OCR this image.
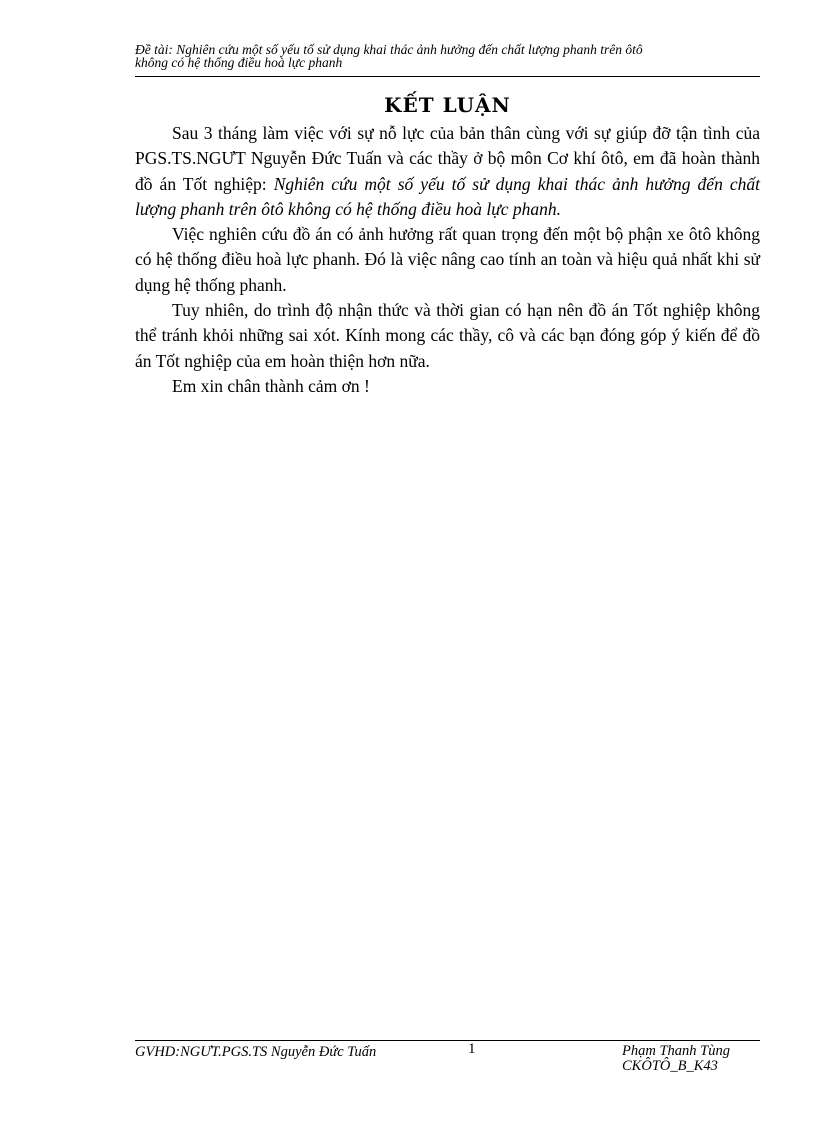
Đề tài: Nghiên cứu một số yếu tố sử dụng khai thác ảnh hưởng đến chất lượng phanh trên ôtô
không có hệ thống điều hoà lực phanh
KẾT LUẬN

Sau 3 tháng làm việc với sự nỗ lực của bản thân cùng với sự giúp đỡ tận tình của PGS.TS.NGƯT Nguyễn Đức Tuấn và các thầy ở bộ môn Cơ khí ôtô, em đã hoàn thành đồ án Tốt nghiệp: Nghiên cứu một số yếu tố sử dụng khai thác ảnh hưởng đến chất lượng phanh trên ôtô không có hệ thống điều hoà lực phanh.

Việc nghiên cứu đồ án có ảnh hưởng rất quan trọng đến một bộ phận xe ôtô không có hệ thống điều hoà lực phanh. Đó là việc nâng cao tính an toàn và hiệu quả nhất khi sử dụng hệ thống phanh.

Tuy nhiên, do trình độ nhận thức và thời gian có hạn nên đồ án Tốt nghiệp không thể tránh khỏi những sai xót. Kính mong các thầy, cô và các bạn đóng góp ý kiến để đồ án Tốt nghiệp của em hoàn thiện hơn nữa.

Em xin chân thành cảm ơn !

GVHD:NGƯT.PGS.TS Nguyễn Đức Tuấn	1	Phạm Thanh Tùng
CKÔTÔ_B_K43
